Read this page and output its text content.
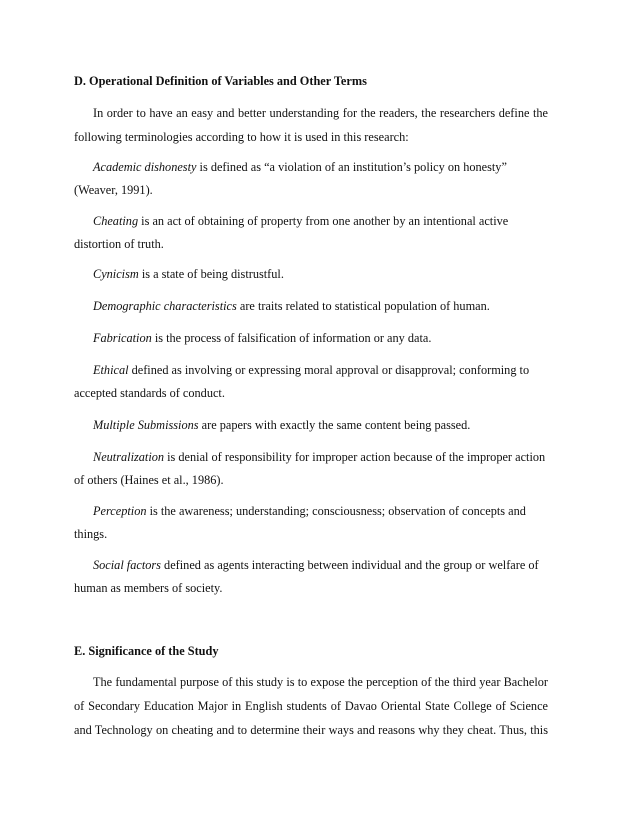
D. Operational Definition of Variables and Other Terms
In order to have an easy and better understanding for the readers, the researchers define the
following terminologies according to how it is used in this research:
Academic dishonesty is defined as “a violation of an institution’s policy on honesty”
(Weaver, 1991).
Cheating is an act of obtaining of property from one another by an intentional active
distortion of truth.
Cynicism is a state of being distrustful.
Demographic characteristics are traits related to statistical population of human.
Fabrication is the process of falsification of information or any data.
Ethical defined as involving or expressing moral approval or disapproval; conforming to
accepted standards of conduct.
Multiple Submissions are papers with exactly the same content being passed.
Neutralization is denial of responsibility for improper action because of the improper action
of others (Haines et al., 1986).
Perception is the awareness; understanding; consciousness; observation of concepts and
things.
Social factors defined as agents interacting between individual and the group or welfare of
human as members of society.
E. Significance of the Study
The fundamental purpose of this study is to expose the perception of the third year Bachelor
of Secondary Education Major in English students of Davao Oriental State College of Science
and Technology on cheating and to determine their ways and reasons why they cheat. Thus, this
